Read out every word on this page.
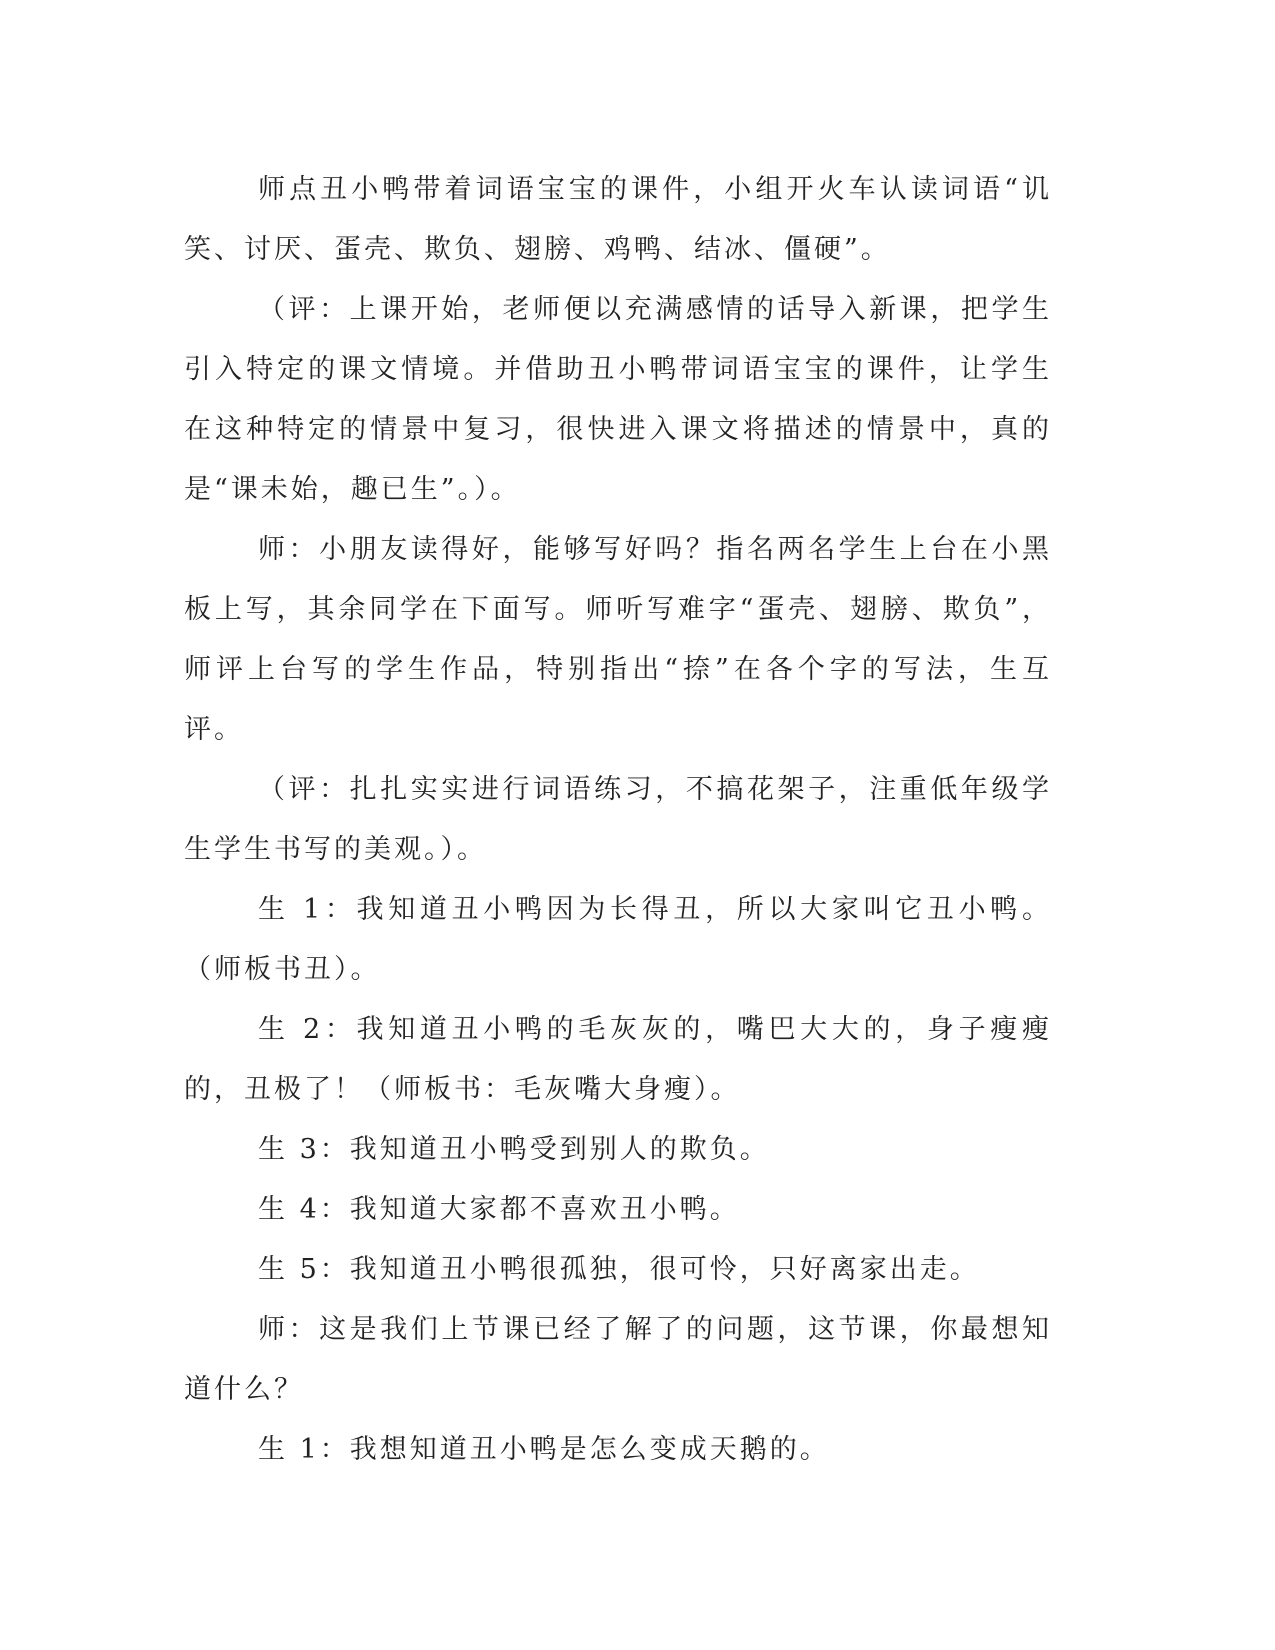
师点丑小鸭带着词语宝宝的课件，小组开火车认读词语“讥笑、讨厌、蛋壳、欺负、翅膀、鸡鸭、结冰、僵硬”。

（评：上课开始，老师便以充满感情的话导入新课，把学生引入特定的课文情境。并借助丑小鸭带词语宝宝的课件，让学生在这种特定的情景中复习，很快进入课文将描述的情景中，真的是“课未始，趣已生”。）。

师：小朋友读得好，能够写好吗？指名两名学生上台在小黑板上写，其余同学在下面写。师听写难字“蛋壳、翅膀、欺负”，师评上台写的学生作品，特别指出“捺”在各个字的写法，生互评。

（评：扎扎实实进行词语练习，不搞花架子，注重低年级学生学生书写的美观。）。

生 1：我知道丑小鸭因为长得丑，所以大家叫它丑小鸭。（师板书丑）。

生 2：我知道丑小鸭的毛灰灰的，嘴巴大大的，身子瘦瘦的，丑极了！（师板书：毛灰嘴大身瘦）。

生 3：我知道丑小鸭受到别人的欺负。

生 4：我知道大家都不喜欢丑小鸭。

生 5：我知道丑小鸭很孤独，很可怜，只好离家出走。

师：这是我们上节课已经了解了的问题，这节课，你最想知道什么？

生 1：我想知道丑小鸭是怎么变成天鹅的。
